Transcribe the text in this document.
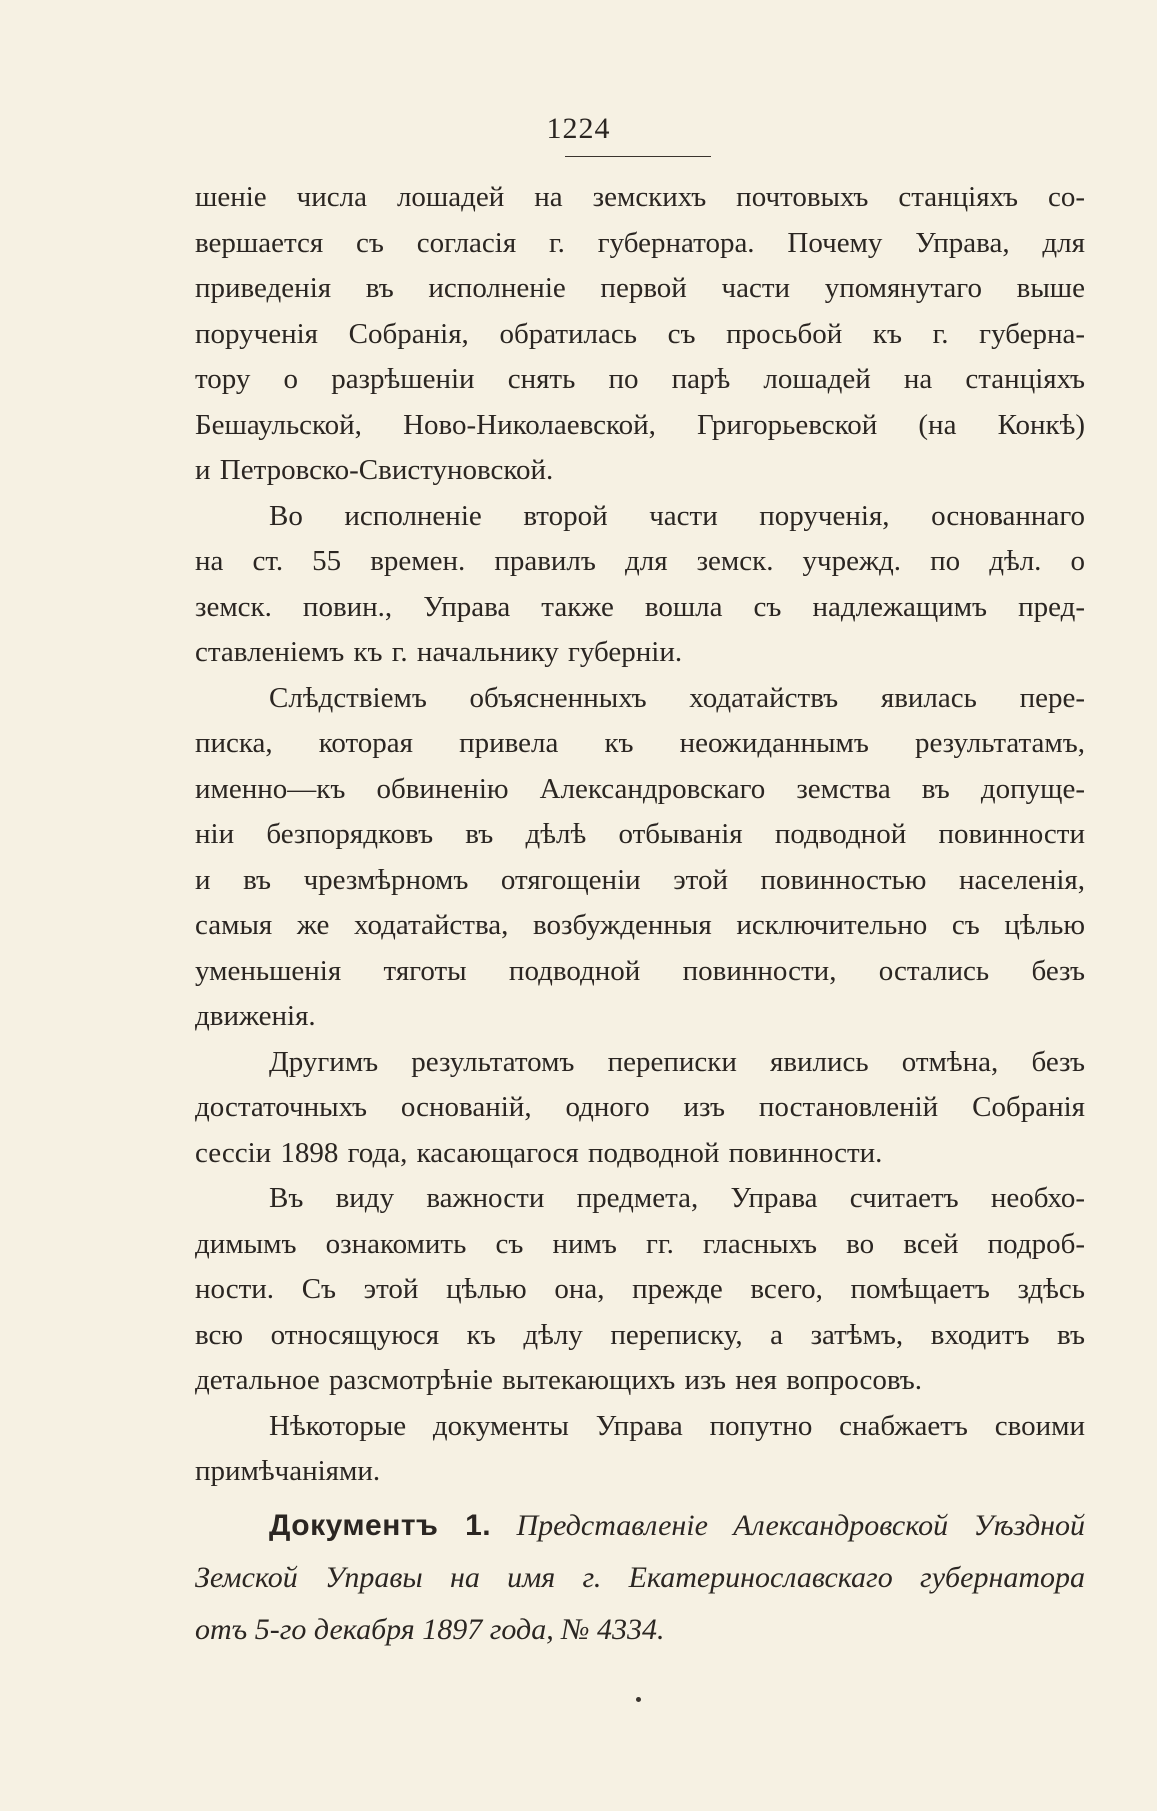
1224
шеніе числа лошадей на земскихъ почтовыхъ станціяхъ со-
вершается съ согласія г. губернатора. Почему Управа, для
приведенія въ исполненіе первой части упомянутаго выше
порученія Собранія, обратилась съ просьбой къ г. губерна-
тору о разрѣшеніи снять по парѣ лошадей на станціяхъ
Бешаульской, Ново-Николаевской, Григорьевской (на Конкѣ)
и Петровско-Свистуновской.
Во исполненіе второй части порученія, основаннаго
на ст. 55 времен. правилъ для земск. учрежд. по дѣл. о
земск. повин., Управа также вошла съ надлежащимъ пред-
ставленіемъ къ г. начальнику губерніи.
Слѣдствіемъ объясненныхъ ходатайствъ явилась пере-
писка, которая привела къ неожиданнымъ результатамъ,
именно—къ обвиненію Александровскаго земства въ допуще-
ніи безпорядковъ въ дѣлѣ отбыванія подводной повинности
и въ чрезмѣрномъ отягощеніи этой повинностью населенія,
самыя же ходатайства, возбужденныя исключительно съ цѣлью
уменьшенія тяготы подводной повинности, остались безъ
движенія.
Другимъ результатомъ переписки явились отмѣна, безъ
достаточныхъ основаній, одного изъ постановленій Собранія
сессіи 1898 года, касающагося подводной повинности.
Въ виду важности предмета, Управа считаетъ необхо-
димымъ ознакомить съ нимъ гг. гласныхъ во всей подроб-
ности. Съ этой цѣлью она, прежде всего, помѣщаетъ здѣсь
всю относящуюся къ дѣлу переписку, а затѣмъ, входитъ въ
детальное разсмотрѣніе вытекающихъ изъ нея вопросовъ.
Нѣкоторые документы Управа попутно снабжаетъ своими
примѣчаніями.
Документъ 1. Представленіе Александровской Уѣздной
Земской Управы на имя г. Екатеринославскаго губернатора
отъ 5-го декабря 1897 года, № 4334.
